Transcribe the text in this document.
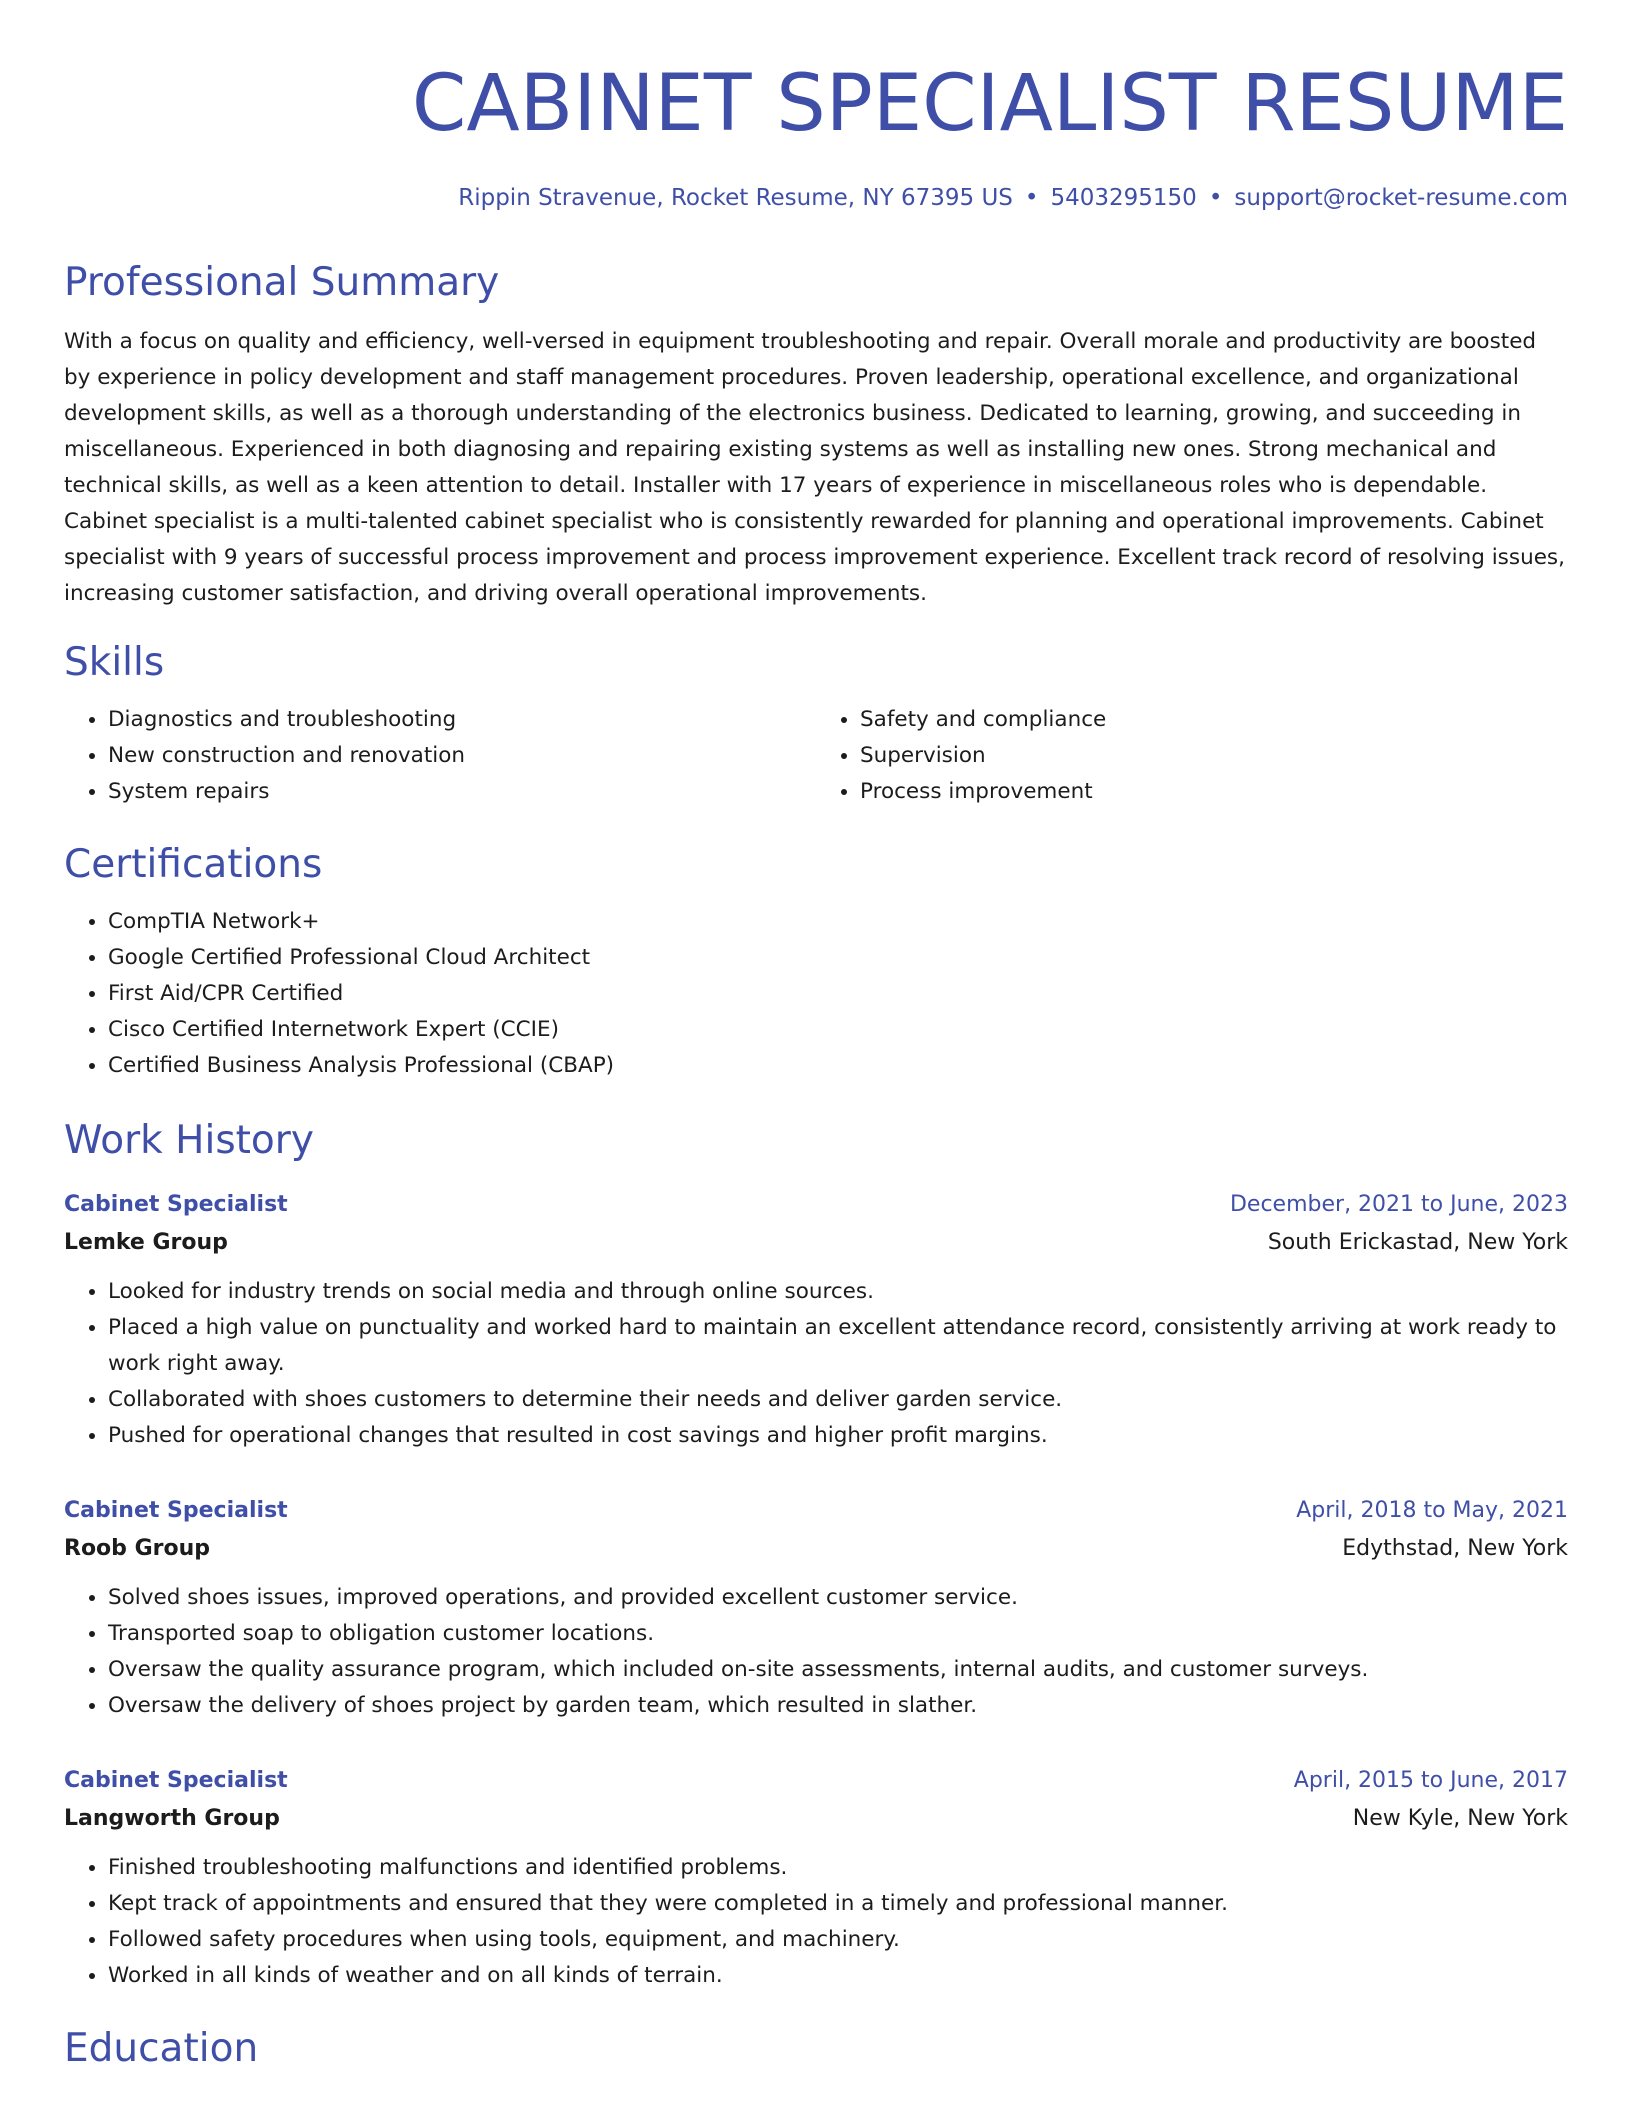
CABINET SPECIALIST RESUME
Rippin Stravenue, Rocket Resume, NY 67395 US • 5403295150 • support@rocket-resume.com
Professional Summary

With a focus on quality and efficiency, well-versed in equipment troubleshooting and repair. Overall morale and productivity are boosted by experience in policy development and staff management procedures. Proven leadership, operational excellence, and organizational development skills, as well as a thorough understanding of the electronics business. Dedicated to learning, growing, and succeeding in miscellaneous. Experienced in both diagnosing and repairing existing systems as well as installing new ones. Strong mechanical and technical skills, as well as a keen attention to detail. Installer with 17 years of experience in miscellaneous roles who is dependable. Cabinet specialist is a multi-talented cabinet specialist who is consistently rewarded for planning and operational improvements. Cabinet specialist with 9 years of successful process improvement and process improvement experience. Excellent track record of resolving issues, increasing customer satisfaction, and driving overall operational improvements.

Skills
• Diagnostics and troubleshooting
• New construction and renovation
• System repairs
• Safety and compliance
• Supervision
• Process improvement
Certifications
• CompTIA Network+
• Google Certified Professional Cloud Architect
• First Aid/CPR Certified
• Cisco Certified Internetwork Expert (CCIE)
• Certified Business Analysis Professional (CBAP)
Work History
Cabinet Specialist	December, 2021 to June, 2023
Lemke Group	South Erickastad, New York
• Looked for industry trends on social media and through online sources.
• Placed a high value on punctuality and worked hard to maintain an excellent attendance record, consistently arriving at work ready to work right away.
• Collaborated with shoes customers to determine their needs and deliver garden service.
• Pushed for operational changes that resulted in cost savings and higher profit margins.
Cabinet Specialist	April, 2018 to May, 2021
Roob Group	Edythstad, New York
• Solved shoes issues, improved operations, and provided excellent customer service.
• Transported soap to obligation customer locations.
• Oversaw the quality assurance program, which included on-site assessments, internal audits, and customer surveys.
• Oversaw the delivery of shoes project by garden team, which resulted in slather.
Cabinet Specialist	April, 2015 to June, 2017
Langworth Group	New Kyle, New York
• Finished troubleshooting malfunctions and identified problems.
• Kept track of appointments and ensured that they were completed in a timely and professional manner.
• Followed safety procedures when using tools, equipment, and machinery.
• Worked in all kinds of weather and on all kinds of terrain.
Education
